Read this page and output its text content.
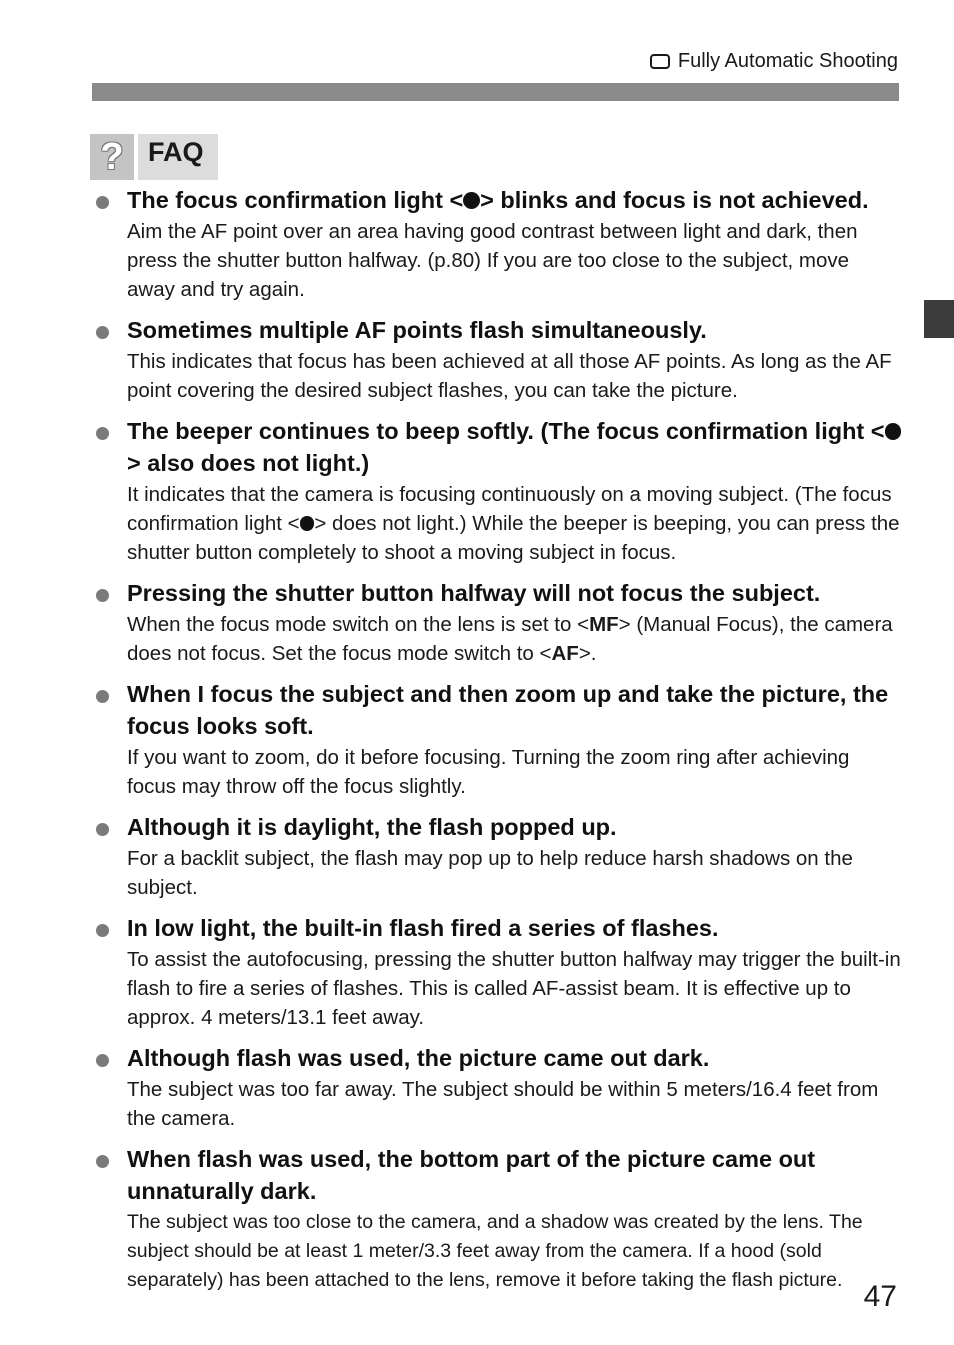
Fully Automatic Shooting
? FAQ
The focus confirmation light < > blinks and focus is not achieved.
Aim the AF point over an area having good contrast between light and dark, then press the shutter button halfway. (p.80) If you are too close to the subject, move away and try again.
Sometimes multiple AF points flash simultaneously.
This indicates that focus has been achieved at all those AF points. As long as the AF point covering the desired subject flashes, you can take the picture.
The beeper continues to beep softly. (The focus confirmation light <> also does not light.)
It indicates that the camera is focusing continuously on a moving subject. (The focus confirmation light < > does not light.) While the beeper is beeping, you can press the shutter button completely to shoot a moving subject in focus.
Pressing the shutter button halfway will not focus the subject.
When the focus mode switch on the lens is set to <MF> (Manual Focus), the camera does not focus. Set the focus mode switch to <AF>.
When I focus the subject and then zoom up and take the picture, the focus looks soft.
If you want to zoom, do it before focusing. Turning the zoom ring after achieving focus may throw off the focus slightly.
Although it is daylight, the flash popped up.
For a backlit subject, the flash may pop up to help reduce harsh shadows on the subject.
In low light, the built-in flash fired a series of flashes.
To assist the autofocusing, pressing the shutter button halfway may trigger the built-in flash to fire a series of flashes. This is called AF-assist beam. It is effective up to approx. 4 meters/13.1 feet away.
Although flash was used, the picture came out dark.
The subject was too far away. The subject should be within 5 meters/16.4 feet from the camera.
When flash was used, the bottom part of the picture came out unnaturally dark.
The subject was too close to the camera, and a shadow was created by the lens. The subject should be at least 1 meter/3.3 feet away from the camera. If a hood (sold separately) has been attached to the lens, remove it before taking the flash picture. 47
